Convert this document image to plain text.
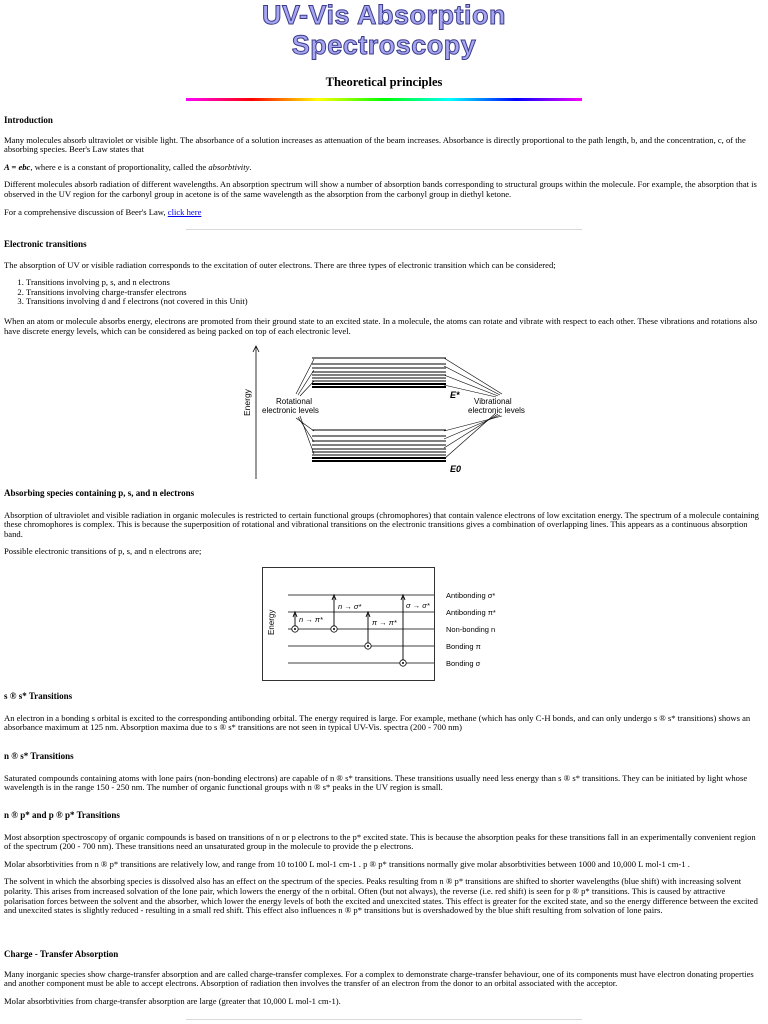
UV-Vis Absorption
Spectroscopy
Theoretical principles
Introduction

Many molecules absorb ultraviolet or visible light. The absorbance of a solution increases as attenuation of the beam increases. Absorbance is directly proportional to the path length, b, and the concentration, c, of the absorbing species. Beer's Law states that

A = ebc, where e is a constant of proportionality, called the absorbtivity.

Different molecules absorb radiation of different wavelengths. An absorption spectrum will show a number of absorption bands corresponding to structural groups within the molecule. For example, the absorption that is observed in the UV region for the carbonyl group in acetone is of the same wavelength as the absorption from the carbonyl group in diethyl ketone.

For a comprehensive discussion of Beer's Law, click here

Electronic transitions

The absorption of UV or visible radiation corresponds to the excitation of outer electrons. There are three types of electronic transition which can be considered;

1. Transitions involving p, s, and n electrons
2. Transitions involving charge-transfer electrons
3. Transitions involving d and f electrons (not covered in this Unit)

When an atom or molecule absorbs energy, electrons are promoted from their ground state to an excited state. In a molecule, the atoms can rotate and vibrate with respect to each other. These vibrations and rotations also have discrete energy levels, which can be considered as being packed on top of each electronic level.

Energy	Rotational
electronic levels
Vibrational
electronic levels
E*
E0
Absorbing species containing p, s, and n electrons

Absorption of ultraviolet and visible radiation in organic molecules is restricted to certain functional groups (chromophores) that contain valence electrons of low excitation energy. The spectrum of a molecule containing these chromophores is complex. This is because the superposition of rotational and vibrational transitions on the electronic transitions gives a combination of overlapping lines. This appears as a continuous absorption band.

Possible electronic transitions of p, s, and n electrons are;

Energy	n → π*
n → σ*
π → π*
σ → σ*
Antibonding σ*
Antibonding π*
Non-bonding n
Bonding π
Bonding σ
s ® s* Transitions

An electron in a bonding s orbital is excited to the corresponding antibonding orbital. The energy required is large. For example, methane (which has only C-H bonds, and can only undergo s ® s* transitions) shows an absorbance maximum at 125 nm. Absorption maxima due to s ® s* transitions are not seen in typical UV-Vis. spectra (200 - 700 nm)

n ® s* Transitions

Saturated compounds containing atoms with lone pairs (non-bonding electrons) are capable of n ® s* transitions. These transitions usually need less energy than s ® s* transitions. They can be initiated by light whose wavelength is in the range 150 - 250 nm. The number of organic functional groups with n ® s* peaks in the UV region is small.

n ® p* and p ® p* Transitions

Most absorption spectroscopy of organic compounds is based on transitions of n or p electrons to the p* excited state. This is because the absorption peaks for these transitions fall in an experimentally convenient region of the spectrum (200 - 700 nm). These transitions need an unsaturated group in the molecule to provide the p electrons.

Molar absorbtivities from n ® p* transitions are relatively low, and range from 10 to100 L mol-1 cm-1 . p ® p* transitions normally give molar absorbtivities between 1000 and 10,000 L mol-1 cm-1 .

The solvent in which the absorbing species is dissolved also has an effect on the spectrum of the species. Peaks resulting from n ® p* transitions are shifted to shorter wavelengths (blue shift) with increasing solvent polarity. This arises from increased solvation of the lone pair, which lowers the energy of the n orbital. Often (but not always), the reverse (i.e. red shift) is seen for p ® p* transitions. This is caused by attractive polarisation forces between the solvent and the absorber, which lower the energy levels of both the excited and unexcited states. This effect is greater for the excited state, and so the energy difference between the excited and unexcited states is slightly reduced - resulting in a small red shift. This effect also influences n ® p* transitions but is overshadowed by the blue shift resulting from solvation of lone pairs.

Charge - Transfer Absorption

Many inorganic species show charge-transfer absorption and are called charge-transfer complexes. For a complex to demonstrate charge-transfer behaviour, one of its components must have electron donating properties and another component must be able to accept electrons. Absorption of radiation then involves the transfer of an electron from the donor to an orbital associated with the acceptor.

Molar absorbtivities from charge-transfer absorption are large (greater that 10,000 L mol-1 cm-1).
